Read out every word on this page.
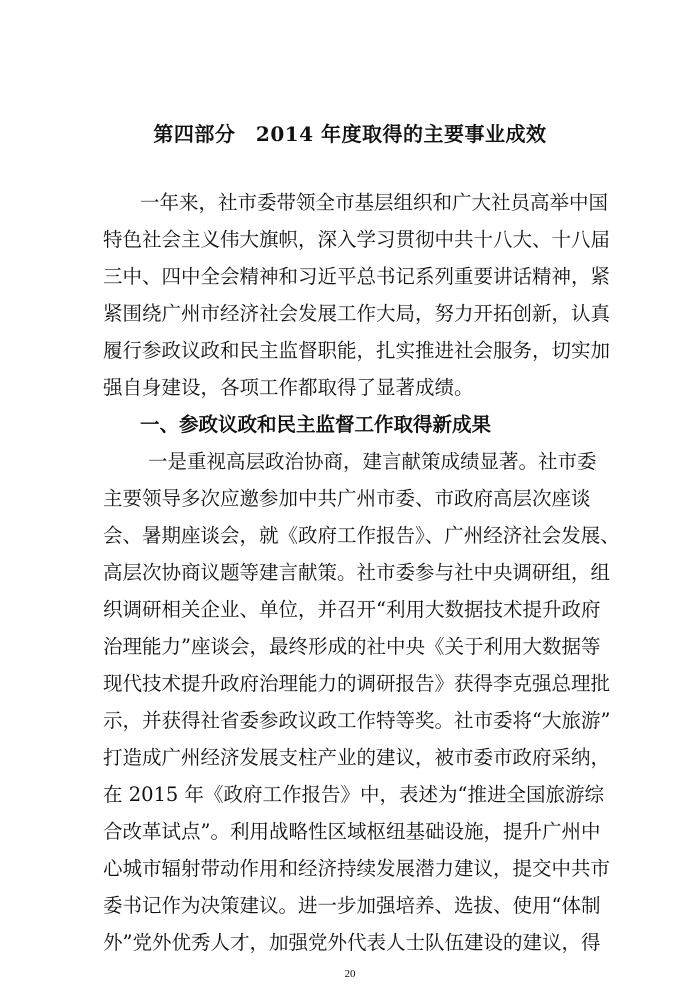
第四部分　2014 年度取得的主要事业成效
一年来，社市委带领全市基层组织和广大社员高举中国
特色社会主义伟大旗帜，深入学习贯彻中共十八大、十八届
三中、四中全会精神和习近平总书记系列重要讲话精神，紧
紧围绕广州市经济社会发展工作大局，努力开拓创新，认真
履行参政议政和民主监督职能，扎实推进社会服务，切实加
强自身建设，各项工作都取得了显著成绩。
一、参政议政和民主监督工作取得新成果
一是重视高层政治协商，建言献策成绩显著。社市委
主要领导多次应邀参加中共广州市委、市政府高层次座谈
会、暑期座谈会，就《政府工作报告》、广州经济社会发展、
高层次协商议题等建言献策。社市委参与社中央调研组，组
织调研相关企业、单位，并召开“利用大数据技术提升政府
治理能力”座谈会，最终形成的社中央《关于利用大数据等
现代技术提升政府治理能力的调研报告》获得李克强总理批
示，并获得社省委参政议政工作特等奖。社市委将“大旅游”
打造成广州经济发展支柱产业的建议，被市委市政府采纳，
在 2015 年《政府工作报告》中，表述为“推进全国旅游综
合改革试点”。利用战略性区域枢纽基础设施，提升广州中
心城市辐射带动作用和经济持续发展潜力建议，提交中共市
委书记作为决策建议。进一步加强培养、选拔、使用“体制
外”党外优秀人才，加强党外代表人士队伍建设的建议，得
20
